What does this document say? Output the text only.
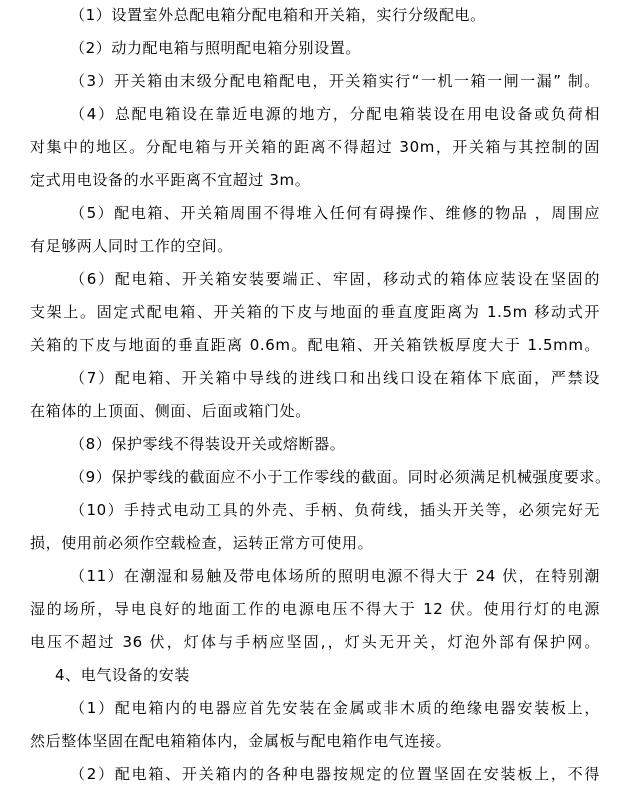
（1）设置室外总配电箱分配电箱和开关箱，实行分级配电。
（2）动力配电箱与照明配电箱分别设置。
（3）开关箱由末级分配电箱配电，开关箱实行“一机一箱一闸一漏” 制。
（4）总配电箱设在靠近电源的地方，分配电箱装设在用电设备或负荷相
对集中的地区。分配电箱与开关箱的距离不得超过 30m，开关箱与其控制的固
定式用电设备的水平距离不宜超过 3m。
（5）配电箱、开关箱周围不得堆入任何有碍操作、维修的物品 ，周围应
有足够两人同时工作的空间。
（6）配电箱、开关箱安装要端正、牢固，移动式的箱体应装设在坚固的
支架上。固定式配电箱、开关箱的下皮与地面的垂直度距离为 1.5m 移动式开
关箱的下皮与地面的垂直距离 0.6m。配电箱、开关箱铁板厚度大于 1.5mm。
（7）配电箱、开关箱中导线的进线口和出线口设在箱体下底面，严禁设
在箱体的上顶面、侧面、后面或箱门处。
（8）保护零线不得装设开关或熔断器。
（9）保护零线的截面应不小于工作零线的截面。同时必须满足机械强度要求。
（10）手持式电动工具的外壳、手柄、负荷线，插头开关等，必须完好无
损，使用前必须作空载检查，运转正常方可使用。
（11）在潮湿和易触及带电体场所的照明电源不得大于 24 伏，在特别潮
湿的场所，导电良好的地面工作的电源电压不得大于 12 伏。使用行灯的电源
电压不超过 36 伏，灯体与手柄应坚固,，灯头无开关，灯泡外部有保护网。
4、电气设备的安装
（1）配电箱内的电器应首先安装在金属或非木质的绝缘电器安装板上，
然后整体坚固在配电箱箱体内，金属板与配电箱作电气连接。
（2）配电箱、开关箱内的各种电器按规定的位置坚固在安装板上，不得
